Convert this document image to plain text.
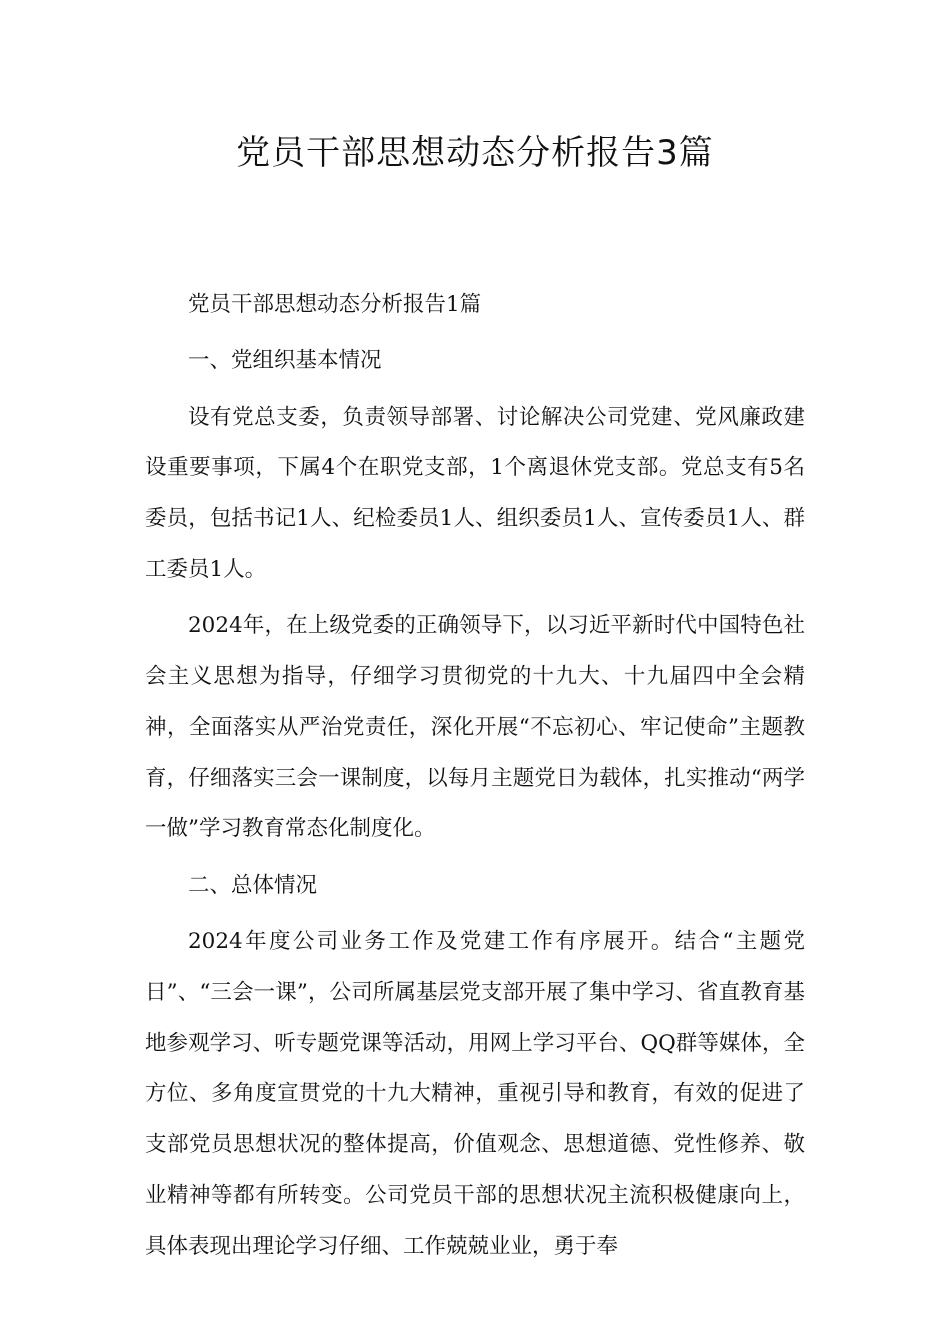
党员干部思想动态分析报告3篇

党员干部思想动态分析报告1篇

一、党组织基本情况

设有党总支委，负责领导部署、讨论解决公司党建、党风廉政建设重要事项，下属4个在职党支部，1个离退休党支部。党总支有5名委员，包括书记1人、纪检委员1人、组织委员1人、宣传委员1人、群工委员1人。

2024年，在上级党委的正确领导下，以习近平新时代中国特色社会主义思想为指导，仔细学习贯彻党的十九大、十九届四中全会精神，全面落实从严治党责任，深化开展“不忘初心、牢记使命”主题教育，仔细落实三会一课制度，以每月主题党日为载体，扎实推动“两学一做”学习教育常态化制度化。

二、总体情况

2024年度公司业务工作及党建工作有序展开。结合“主题党日”、“三会一课”，公司所属基层党支部开展了集中学习、省直教育基地参观学习、听专题党课等活动，用网上学习平台、QQ群等媒体，全方位、多角度宣贯党的十九大精神，重视引导和教育，有效的促进了支部党员思想状况的整体提高，价值观念、思想道德、党性修养、敬业精神等都有所转变。公司党员干部的思想状况主流积极健康向上，具体表现出理论学习仔细、工作兢兢业业，勇于奉
